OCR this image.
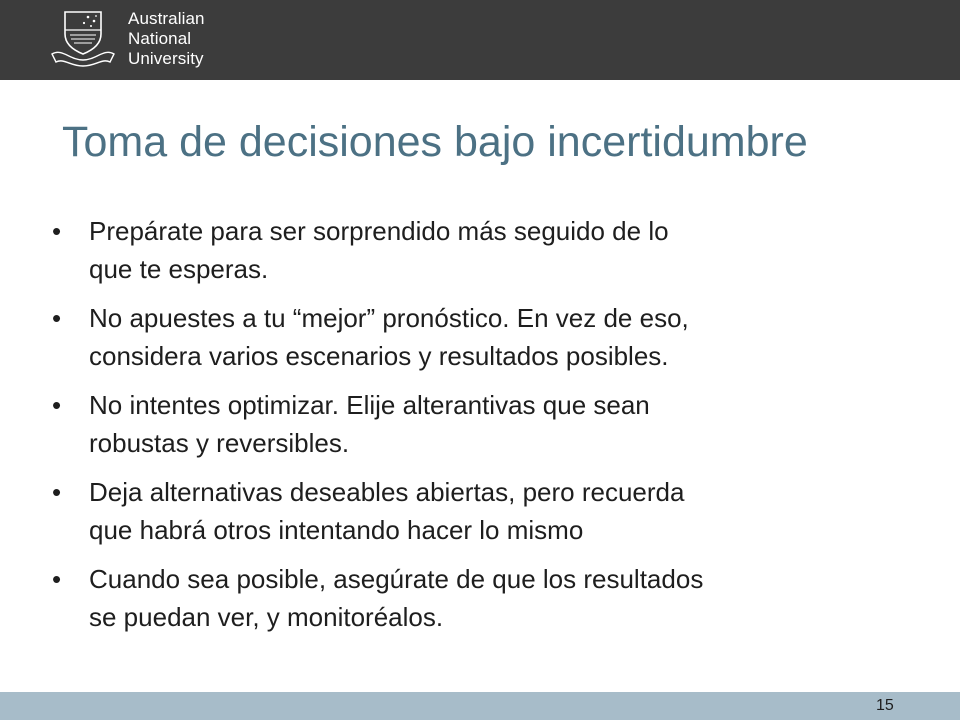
Australian
National
University
Toma de decisiones bajo incertidumbre
• Prepárate para ser sorprendido más seguido de lo
que te esperas.
• No apuestes a tu “mejor” pronóstico. En vez de eso,
considera varios escenarios y resultados posibles.
• No intentes optimizar. Elije alterantivas que sean
robustas y reversibles.
• Deja alternativas deseables abiertas, pero recuerda
que habrá otros intentando hacer lo mismo
• Cuando sea posible, asegúrate de que los resultados
se puedan ver, y monitoréalos.
15
